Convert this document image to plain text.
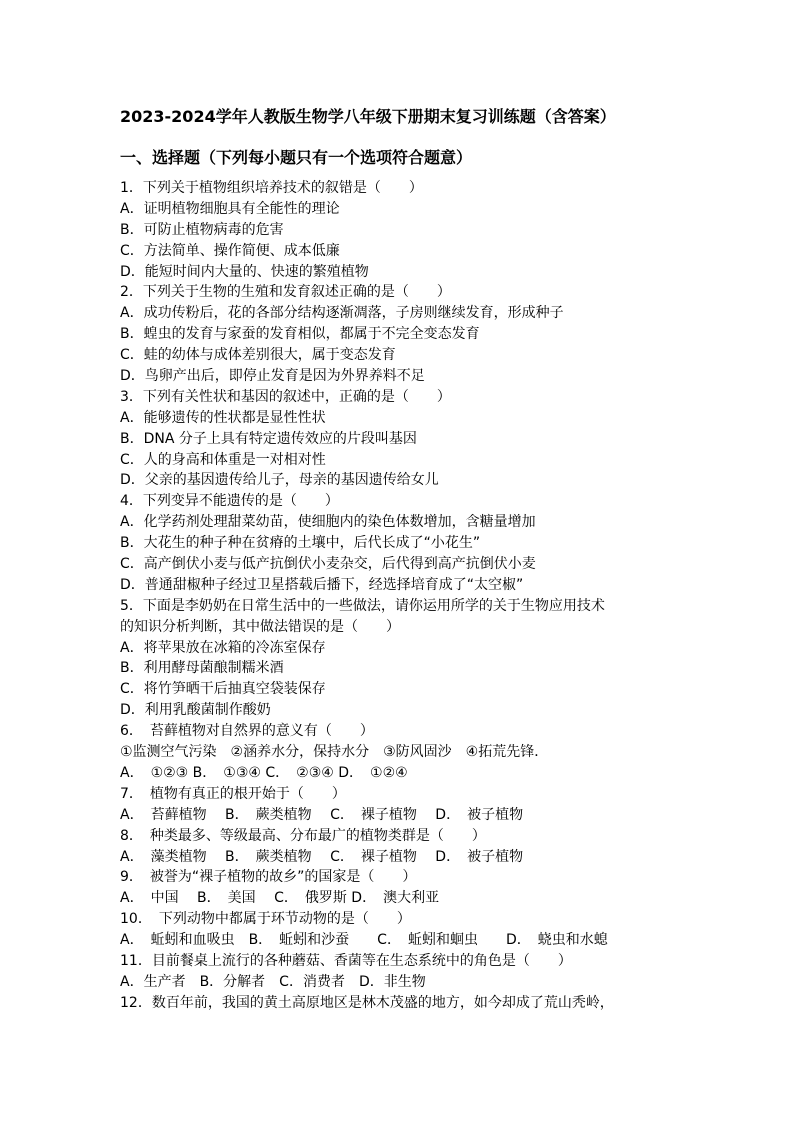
2023-2024学年人教版生物学八年级下册期末复习训练题（含答案）
一、选择题（下列每小题只有一个选项符合题意）
1．下列关于植物组织培养技术的叙错是（　　）
A．证明植物细胞具有全能性的理论
B．可防止植物病毒的危害
C．方法简单、操作简便、成本低廉
D．能短时间内大量的、快速的繁殖植物
2．下列关于生物的生殖和发育叙述正确的是（　　）
A．成功传粉后，花的各部分结构逐渐凋落，子房则继续发育，形成种子
B．蝗虫的发育与家蚕的发育相似，都属于不完全变态发育
C．蛙的幼体与成体差别很大，属于变态发育
D．鸟卵产出后，即停止发育是因为外界养料不足
3．下列有关性状和基因的叙述中，正确的是（　　）
A．能够遗传的性状都是显性性状
B．DNA 分子上具有特定遗传效应的片段叫基因
C．人的身高和体重是一对相对性
D．父亲的基因遗传给儿子，母亲的基因遗传给女儿
4．下列变异不能遗传的是（　　）
A．化学药剂处理甜菜幼苗，使细胞内的染色体数增加，含糖量增加
B．大花生的种子种在贫瘠的土壤中，后代长成了“小花生”
C．高产倒伏小麦与低产抗倒伏小麦杂交，后代得到高产抗倒伏小麦
D．普通甜椒种子经过卫星搭载后播下，经选择培育成了“太空椒”
5．下面是李奶奶在日常生活中的一些做法，请你运用所学的关于生物应用技术
的知识分析判断，其中做法错误的是（　　）
A．将苹果放在冰箱的冷冻室保存
B．利用酵母菌酿制糯米酒
C．将竹笋晒干后抽真空袋装保存
D．利用乳酸菌制作酸奶
6．　苔藓植物对自然界的意义有（　　）
①监测空气污染　②涵养水分，保持水分　③防风固沙　④拓荒先锋．
A．　①②③ B．　①③④ C．　②③④ D．　①②④
7．　植物有真正的根开始于（　　）
A．　苔藓植物　 B．　蕨类植物　 C．　裸子植物　 D．　被子植物
8．　种类最多、等级最高、分布最广的植物类群是（　　）
A．　藻类植物　 B．　蕨类植物　 C．　裸子植物　 D．　被子植物
9．　被誉为“裸子植物的故乡”的国家是（　　）
A．　中国　 B．　美国　 C．　俄罗斯 D．　澳大利亚
10．　下列动物中都属于环节动物的是（　　）
A．　蚯蚓和血吸虫　B．　蚯蚓和沙蚕　　C．　蚯蚓和蛔虫　　D．　蛲虫和水螅
11．目前餐桌上流行的各种蘑菇、香菌等在生态系统中的角色是（　　）
A．生产者　B．分解者　C．消费者　D．非生物
12．数百年前，我国的黄土高原地区是林木茂盛的地方，如今却成了荒山秃岭，
